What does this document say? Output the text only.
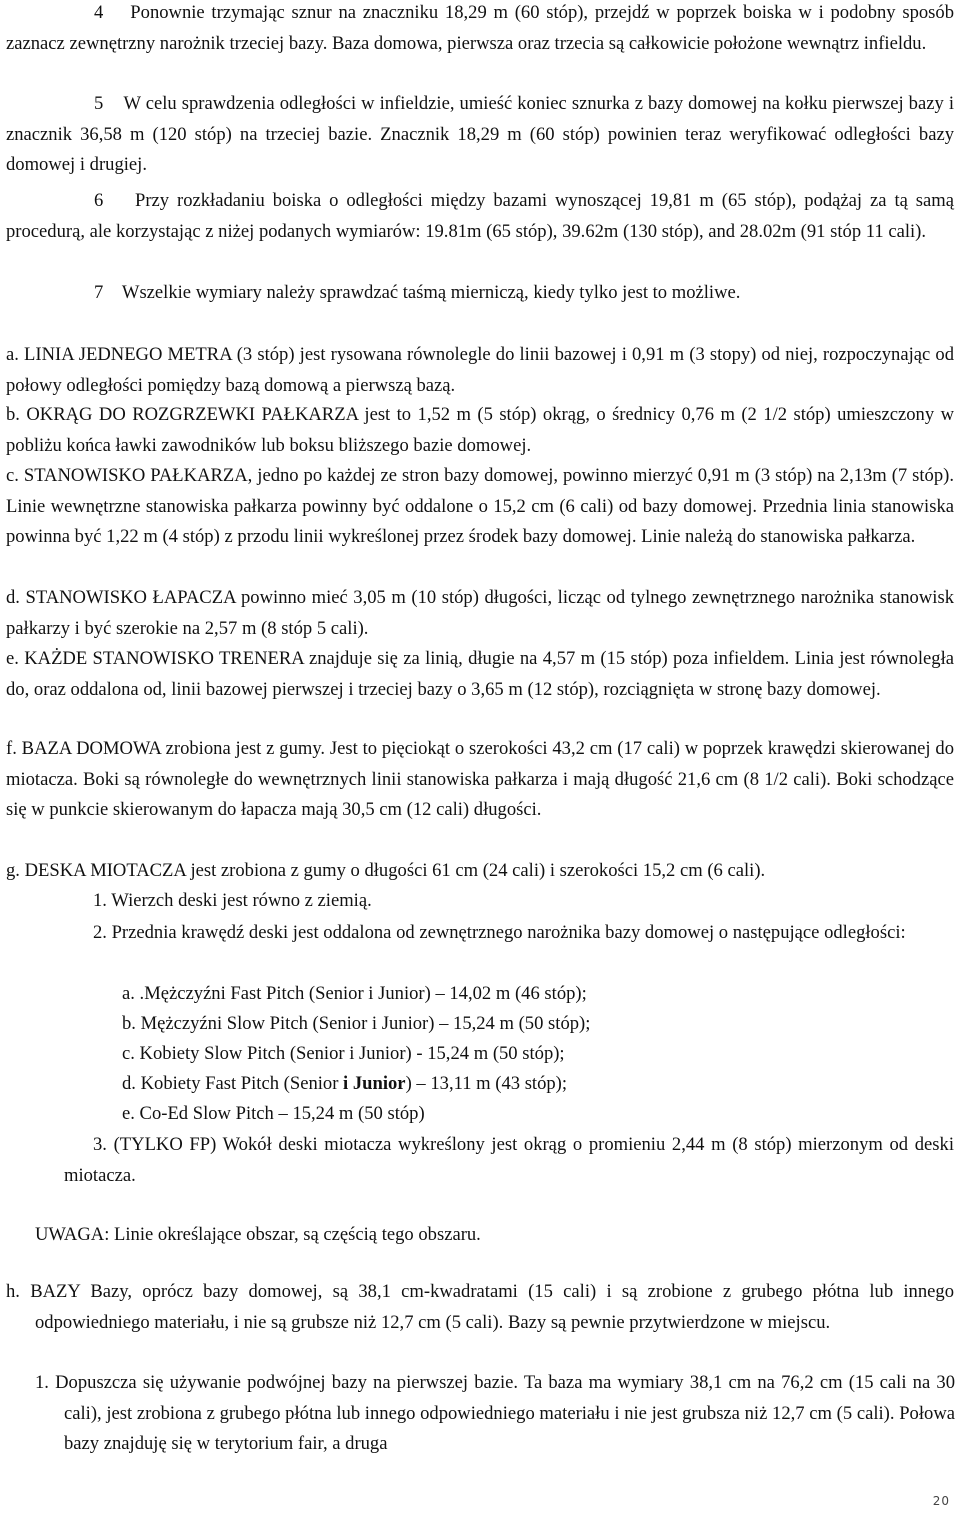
4    Ponownie trzymając sznur na znaczniku 18,29 m (60 stóp), przejdź w poprzek boiska w i podobny sposób zaznacz zewnętrzny narożnik trzeciej bazy. Baza domowa, pierwsza oraz trzecia są całkowicie położone wewnątrz infieldu.

5    W celu sprawdzenia odległości w infieldzie, umieść koniec sznurka z bazy domowej na kołku pierwszej bazy i znacznik 36,58 m (120 stóp) na trzeciej bazie. Znacznik 18,29 m (60 stóp) powinien teraz weryfikować odległości bazy domowej i drugiej.

6    Przy rozkładaniu boiska o odległości między bazami wynoszącej 19,81 m (65 stóp), podążaj za tą samą procedurą, ale korzystając z niżej podanych wymiarów: 19.81m (65 stóp), 39.62m (130 stóp), and 28.02m (91 stóp 11 cali).

7    Wszelkie wymiary należy sprawdzać taśmą mierniczą, kiedy tylko jest to możliwe.

a. LINIA JEDNEGO METRA (3 stóp) jest rysowana równolegle do linii bazowej i 0,91 m (3 stopy) od niej, rozpoczynając od połowy odległości pomiędzy bazą domową a pierwszą bazą.

b. OKRĄG DO ROZGRZEWKI PAŁKARZA jest to 1,52 m (5 stóp) okrąg, o średnicy 0,76 m (2 1/2 stóp) umieszczony w pobliżu końca ławki zawodników lub boksu bliższego bazie domowej.

c. STANOWISKO PAŁKARZA, jedno po każdej ze stron bazy domowej, powinno mierzyć 0,91 m (3 stóp) na 2,13m (7 stóp). Linie wewnętrzne stanowiska pałkarza powinny być oddalone o 15,2 cm (6 cali) od bazy domowej. Przednia linia stanowiska powinna być 1,22 m (4 stóp) z przodu linii wykreślonej przez środek bazy domowej. Linie należą do stanowiska pałkarza.

d. STANOWISKO ŁAPACZA powinno mieć 3,05 m (10 stóp) długości, licząc od tylnego zewnętrznego narożnika stanowisk pałkarzy i być szerokie na 2,57 m (8 stóp 5 cali).

e. KAŻDE STANOWISKO TRENERA znajduje się za linią, długie na 4,57 m (15 stóp) poza infieldem. Linia jest równoległa do, oraz oddalona od, linii bazowej pierwszej i trzeciej bazy o 3,65 m (12 stóp), rozciągnięta w stronę bazy domowej.

f. BAZA DOMOWA zrobiona jest z gumy. Jest to pięciokąt o szerokości 43,2 cm (17 cali) w poprzek krawędzi skierowanej do miotacza. Boki są równoległe do wewnętrznych linii stanowiska pałkarza i mają długość 21,6 cm (8 1/2 cali). Boki schodzące się w punkcie skierowanym do łapacza mają 30,5 cm (12 cali) długości.

g. DESKA MIOTACZA jest zrobiona z gumy o długości 61 cm (24 cali) i szerokości 15,2 cm (6 cali).

1. Wierzch deski jest równo z ziemią.

2. Przednia krawędź deski jest oddalona od zewnętrznego narożnika bazy domowej o następujące odległości:

a. .Mężczyźni Fast Pitch (Senior i Junior) – 14,02 m (46 stóp);

b. Mężczyźni Slow Pitch (Senior i Junior) – 15,24 m (50 stóp);

c. Kobiety Slow Pitch (Senior i Junior) - 15,24 m (50 stóp);

d. Kobiety Fast Pitch (Senior i Junior) – 13,11 m (43 stóp);

e. Co-Ed Slow Pitch – 15,24 m (50 stóp)

3. (TYLKO FP) Wokół deski miotacza wykreślony jest okrąg o promieniu 2,44 m (8 stóp) mierzonym od deski miotacza.

UWAGA: Linie określające obszar, są częścią tego obszaru.

h. BAZY Bazy, oprócz bazy domowej, są 38,1 cm-kwadratami (15 cali) i są zrobione z grubego płótna lub innego odpowiedniego materiału, i nie są grubsze niż 12,7 cm (5 cali). Bazy są pewnie przytwierdzone w miejscu.

1. Dopuszcza się używanie podwójnej bazy na pierwszej bazie. Ta baza ma wymiary 38,1 cm na 76,2 cm (15 cali na 30 cali), jest zrobiona z grubego płótna lub innego odpowiedniego materiału i nie jest grubsza niż 12,7 cm (5 cali). Połowa bazy znajduję się w terytorium fair, a druga

20
